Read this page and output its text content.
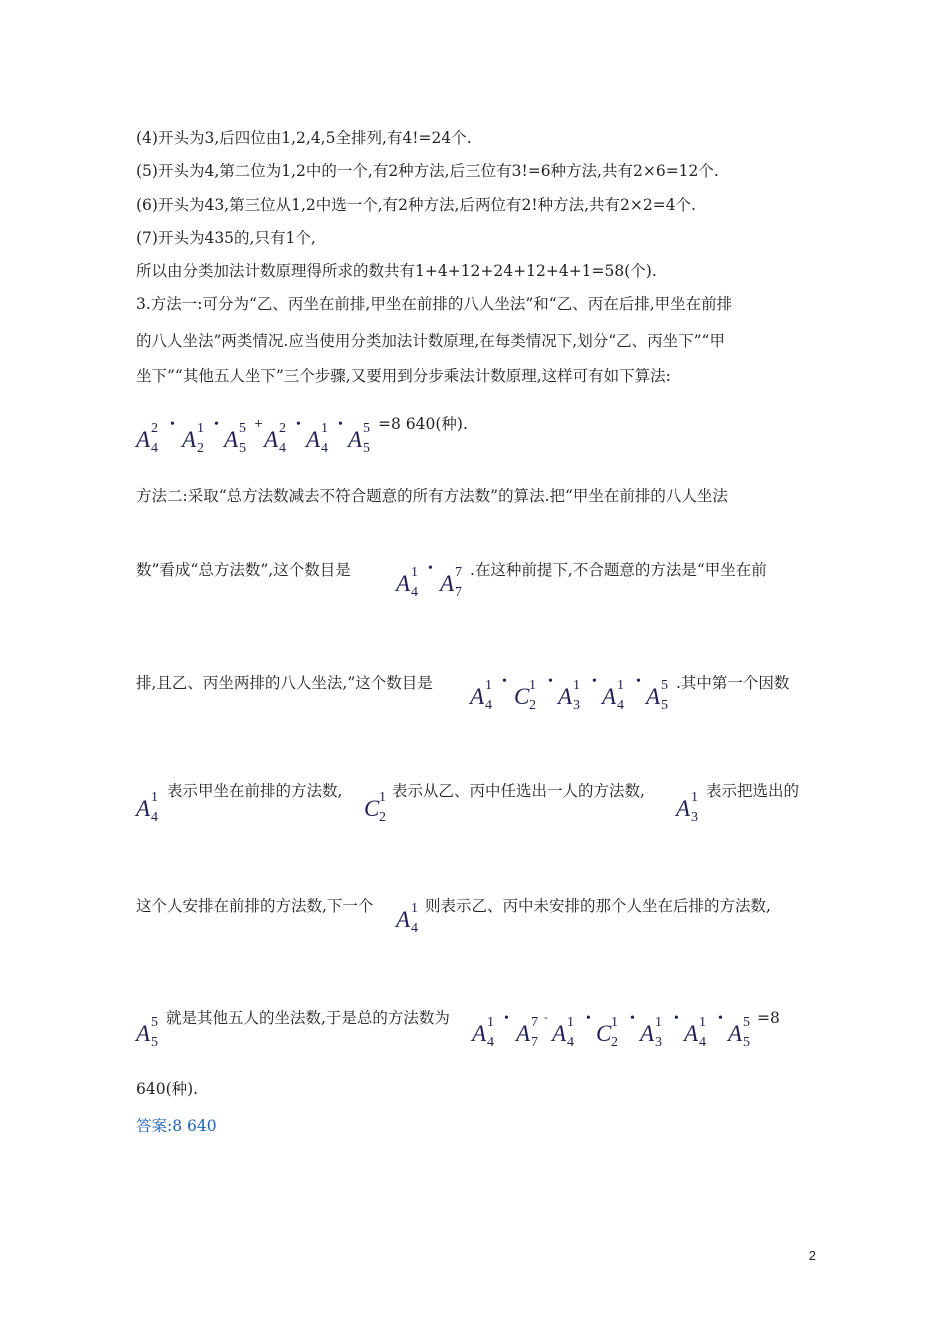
(4)开头为3,后四位由1,2,4,5全排列,有4!=24个.
(5)开头为4,第二位为1,2中的一个,有2种方法,后三位有3!=6种方法,共有2×6=12个.
(6)开头为43,第三位从1,2中选一个,有2种方法,后两位有2!种方法,共有2×2=4个.
(7)开头为435的,只有1个,
所以由分类加法计数原理得所求的数共有1+4+12+24+12+4+1=58(个).
3.方法一:可分为“乙、丙坐在前排,甲坐在前排的八人坐法”和“乙、丙在后排,甲坐在前排
的八人坐法”两类情况.应当使用分类加法计数原理,在每类情况下,划分“乙、丙坐下”“甲
坐下”“其他五人坐下”三个步骤,又要用到分步乘法计数原理,这样可有如下算法:
A 2
4
•
A 1
2
•
A 5
5
+
A 2
4
•
A 1
4
•
A 5
5
=8 640(种).
方法二:采取“总方法数减去不符合题意的所有方法数”的算法.把“甲坐在前排的八人坐法
数”看成“总方法数”,这个数目是
A 1
4
•
A 7
7
.在这种前提下,不合题意的方法是“甲坐在前
排,且乙、丙坐两排的八人坐法,”这个数目是
A 1
4
•
C 1
2
•
A 1
3
•
A 1
4
•
A 5
5
.其中第一个因数
A 1
4
表示甲坐在前排的方法数,
C 1
2
表示从乙、丙中任选出一人的方法数,
A 1
3
表示把选出的
这个人安排在前排的方法数,下一个
A 1
4
则表示乙、丙中未安排的那个人坐在后排的方法数,
A 5
5
就是其他五人的坐法数,于是总的方法数为
A 1
4
•
A 7
7
-
A 1
4
•
C 1
2
•
A 1
3
•
A 1
4
•
A 5
5
=8
640(种).
答案:8 640
2
